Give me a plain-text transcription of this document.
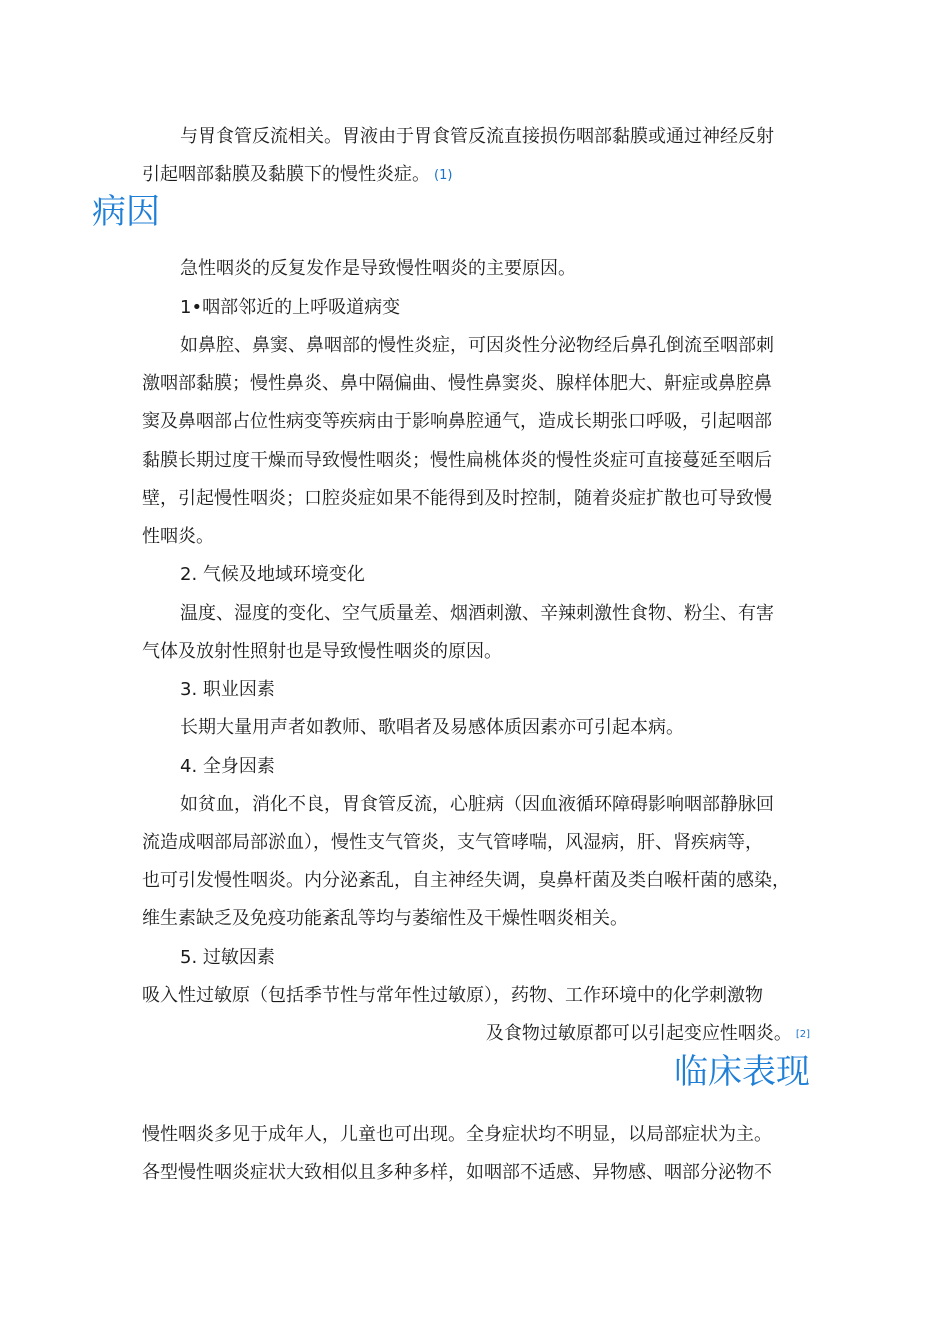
与胃食管反流相关。胃液由于胃食管反流直接损伤咽部黏膜或通过神经反射
引起咽部黏膜及黏膜下的慢性炎症。 (1)
病因
急性咽炎的反复发作是导致慢性咽炎的主要原因。
1•咽部邻近的上呼吸道病变
如鼻腔、鼻窦、鼻咽部的慢性炎症，可因炎性分泌物经后鼻孔倒流至咽部刺
激咽部黏膜；慢性鼻炎、鼻中隔偏曲、慢性鼻窦炎、腺样体肥大、鼾症或鼻腔鼻
窦及鼻咽部占位性病变等疾病由于影响鼻腔通气，造成长期张口呼吸，引起咽部
黏膜长期过度干燥而导致慢性咽炎；慢性扁桃体炎的慢性炎症可直接蔓延至咽后
壁，引起慢性咽炎；口腔炎症如果不能得到及时控制，随着炎症扩散也可导致慢
性咽炎。
2. 气候及地域环境变化
温度、湿度的变化、空气质量差、烟酒刺激、辛辣刺激性食物、粉尘、有害
气体及放射性照射也是导致慢性咽炎的原因。
3. 职业因素
长期大量用声者如教师、歌唱者及易感体质因素亦可引起本病。
4. 全身因素
如贫血，消化不良，胃食管反流，心脏病（因血液循环障碍影响咽部静脉回
流造成咽部局部淤血），慢性支气管炎，支气管哮喘，风湿病，肝、肾疾病等，
也可引发慢性咽炎。内分泌紊乱，自主神经失调，臭鼻杆菌及类白喉杆菌的感染，
维生素缺乏及免疫功能紊乱等均与萎缩性及干燥性咽炎相关。
5. 过敏因素
吸入性过敏原（包括季节性与常年性过敏原），药物、工作环境中的化学刺激物
及食物过敏原都可以引起变应性咽炎。 [2]
临床表现
慢性咽炎多见于成年人，儿童也可出现。全身症状均不明显，以局部症状为主。
各型慢性咽炎症状大致相似且多种多样，如咽部不适感、异物感、咽部分泌物不
